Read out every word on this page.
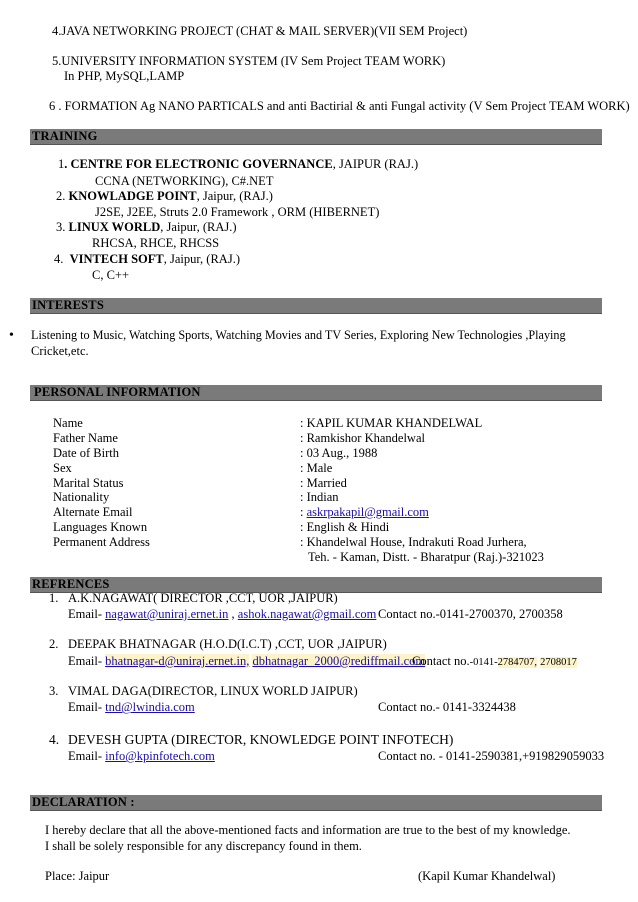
4.JAVA NETWORKING PROJECT (CHAT & MAIL SERVER)(VII SEM Project)
5.UNIVERSITY INFORMATION SYSTEM (IV Sem Project TEAM WORK)
In PHP, MySQL,LAMP
6 . FORMATION Ag NANO PARTICALS and anti Bactirial & anti Fungal activity (V Sem Project TEAM WORK)
TRAINING
1. CENTRE FOR ELECTRONIC GOVERNANCE, JAIPUR (RAJ.)
CCNA (NETWORKING), C#.NET
2. KNOWLADGE POINT, Jaipur, (RAJ.)
J2SE, J2EE, Struts 2.0 Framework , ORM (HIBERNET)
3. LINUX WORLD, Jaipur, (RAJ.)
RHCSA, RHCE, RHCSS
4. VINTECH SOFT, Jaipur, (RAJ.)
C, C++
INTERESTS
• Listening to Music, Watching Sports, Watching Movies and TV Series, Exploring New Technologies ,Playing
Cricket,etc.
PERSONAL INFORMATION
Name	: KAPIL KUMAR KHANDELWAL
Father Name	: Ramkishor Khandelwal
Date of Birth	: 03 Aug., 1988
Sex	: Male
Marital Status	: Married
Nationality	: Indian
Alternate Email	: askrpakapil@gmail.com
Languages Known	: English & Hindi
Permanent Address	: Khandelwal House, Indrakuti Road Jurhera,
Teh. - Kaman, Distt. - Bharatpur (Raj.)-321023
REFRENCES
1. A.K.NAGAWAT( DIRECTOR ,CCT, UOR ,JAIPUR)
Email- nagawat@uniraj.ernet.in , ashok.nagawat@gmail.com Contact no.-0141-2700370, 2700358
2. DEEPAK BHATNAGAR (H.O.D(I.C.T) ,CCT, UOR ,JAIPUR)
Email- bhatnagar-d@uniraj.ernet.in, dbhatnagar_2000@rediffmail.com
Contact no.-0141-2784707, 2708017
3. VIMAL DAGA(DIRECTOR, LINUX WORLD JAIPUR)
Email- tnd@lwindia.com	Contact no.- 0141-3324438
4. DEVESH GUPTA (DIRECTOR, KNOWLEDGE POINT INFOTECH)
Email- info@kpinfotech.com	Contact no. - 0141-2590381,+919829059033
DECLARATION :
I hereby declare that all the above-mentioned facts and information are true to the best of my knowledge.
I shall be solely responsible for any discrepancy found in them.
Place: Jaipur	(Kapil Kumar Khandelwal)
